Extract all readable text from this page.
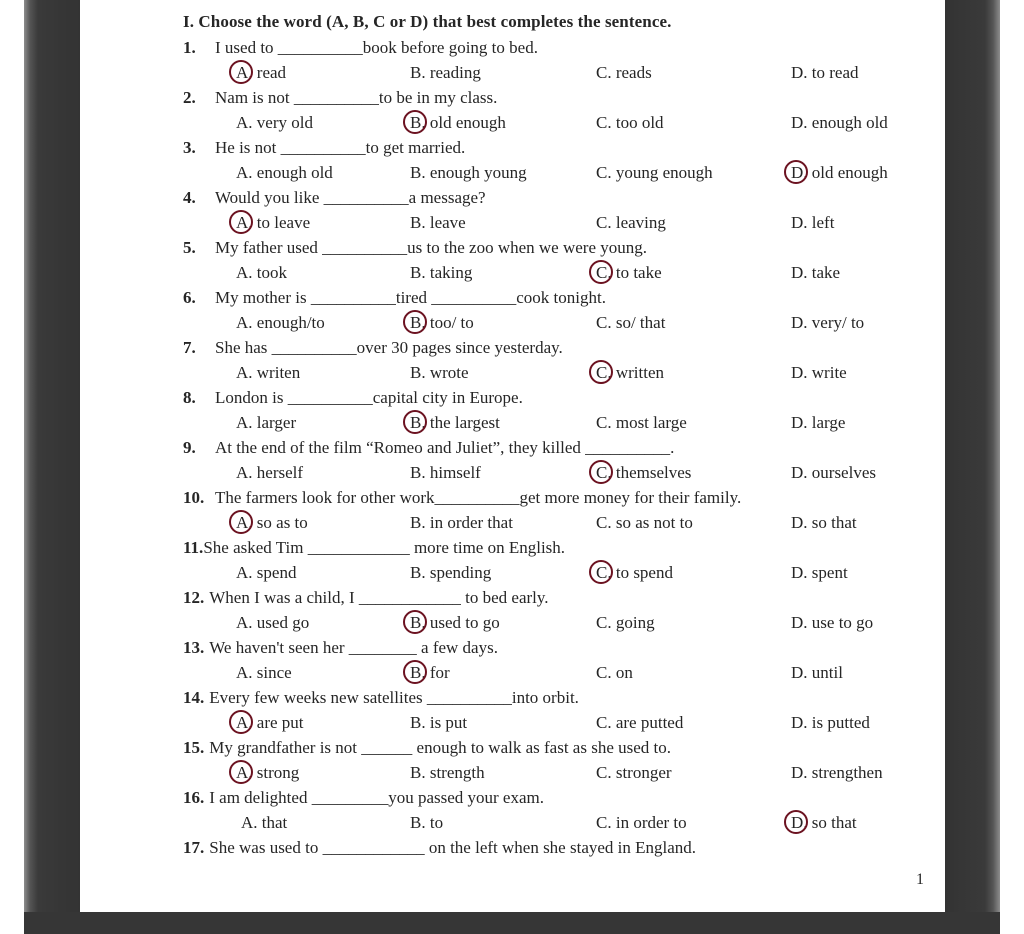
I. Choose the word (A, B, C or D) that best completes the sentence.
1. I used to __________book before going to bed.
A. read	B. reading	C. reads	D. to read
2. Nam is not __________to be in my class.
A. very old	B. old enough	C. too old	D. enough old
3. He is not __________to get married.
A. enough old	B. enough young	C. young enough	D. old enough
4. Would you like __________a message?
A. to leave	B. leave	C. leaving	D. left
5. My father used __________us to the zoo when we were young.
A. took	B. taking	C. to take	D. take
6. My mother is __________tired __________cook tonight.
A. enough/to	B. too/ to	C. so/ that	D. very/ to
7. She has __________over 30 pages since yesterday.
A. writen	B. wrote	C. written	D. write
8. London is __________capital city in Europe.
A. larger	B. the largest	C. most large	D. large
9. At the end of the film “Romeo and Juliet”, they killed __________.
A. herself	B. himself	C. themselves	D. ourselves
10. The farmers look for other work__________get more money for their family.
A. so as to	B. in order that	C. so as not to	D. so that
11.She asked Tim ____________ more time on English.
A. spend	B. spending	C. to spend	D. spent
12. When I was a child, I ____________ to bed early.
A. used go	B. used to go	C. going	D. use to go
13. We haven't seen her ________ a few days.
A. since	B. for	C. on	D. until
14. Every few weeks new satellites __________into orbit.
A. are put	B. is put	C. are putted	D. is putted
15. My grandfather is not ______ enough to walk as fast as she used to.
A. strong	B. strength	C. stronger	D. strengthen
16. I am delighted _________you passed your exam.
A. that	B. to	C. in order to	D. so that
17. She was used to ____________ on the left when she stayed in England.
1
